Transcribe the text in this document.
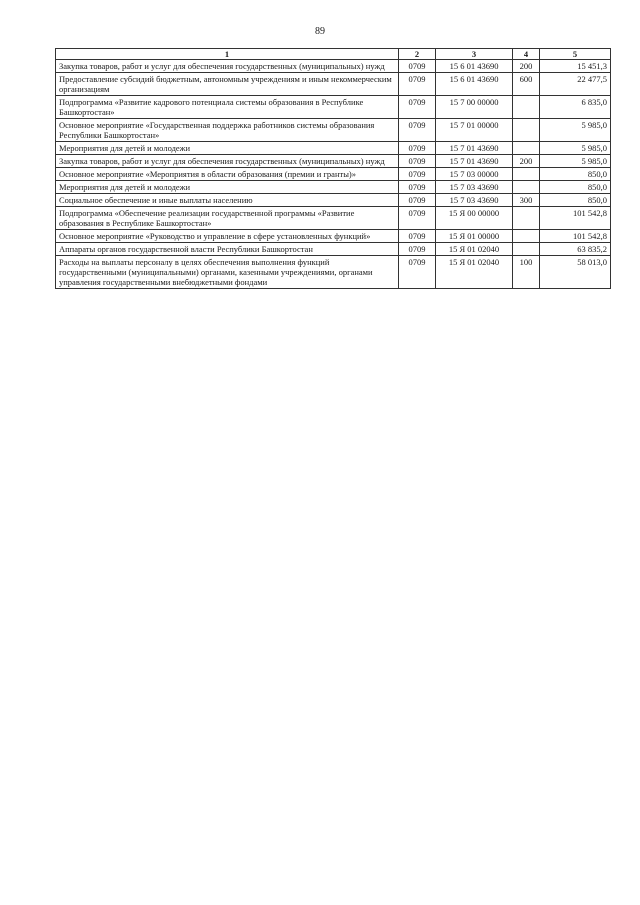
89
1	2	3	4	5
Закупка товаров, работ и услуг для обеспечения государственных (муниципальных) нужд	0709	15 6 01 43690	200	15 451,3
Предоставление субсидий бюджетным, автономным учреждениям и иным некоммерческим организациям	0709	15 6 01 43690	600	22 477,5
Подпрограмма «Развитие кадрового потенциала системы образования в Республике Башкортостан»	0709	15 7 00 00000		6 835,0
Основное мероприятие «Государственная поддержка работников системы образования Республики Башкортостан»	0709	15 7 01 00000		5 985,0
Мероприятия для детей и молодежи	0709	15 7 01 43690		5 985,0
Закупка товаров, работ и услуг для обеспечения государственных (муниципальных) нужд	0709	15 7 01 43690	200	5 985,0
Основное мероприятие «Мероприятия в области образования (премии и гранты)»	0709	15 7 03 00000		850,0
Мероприятия для детей и молодежи	0709	15 7 03 43690		850,0
Социальное обеспечение и иные выплаты населению	0709	15 7 03 43690	300	850,0
Подпрограмма «Обеспечение реализации государственной программы «Развитие образования в Республике Башкортостан»	0709	15 Я 00 00000		101 542,8
Основное мероприятие «Руководство и управление в сфере установленных функций»	0709	15 Я 01 00000		101 542,8
Аппараты органов государственной власти Республики Башкортостан	0709	15 Я 01 02040		63 835,2
Расходы на выплаты персоналу в целях обеспечения выполнения функций государственными (муниципальными) органами, казенными учреждениями, органами управления государственными внебюджетными фондами	0709	15 Я 01 02040	100	58 013,0
